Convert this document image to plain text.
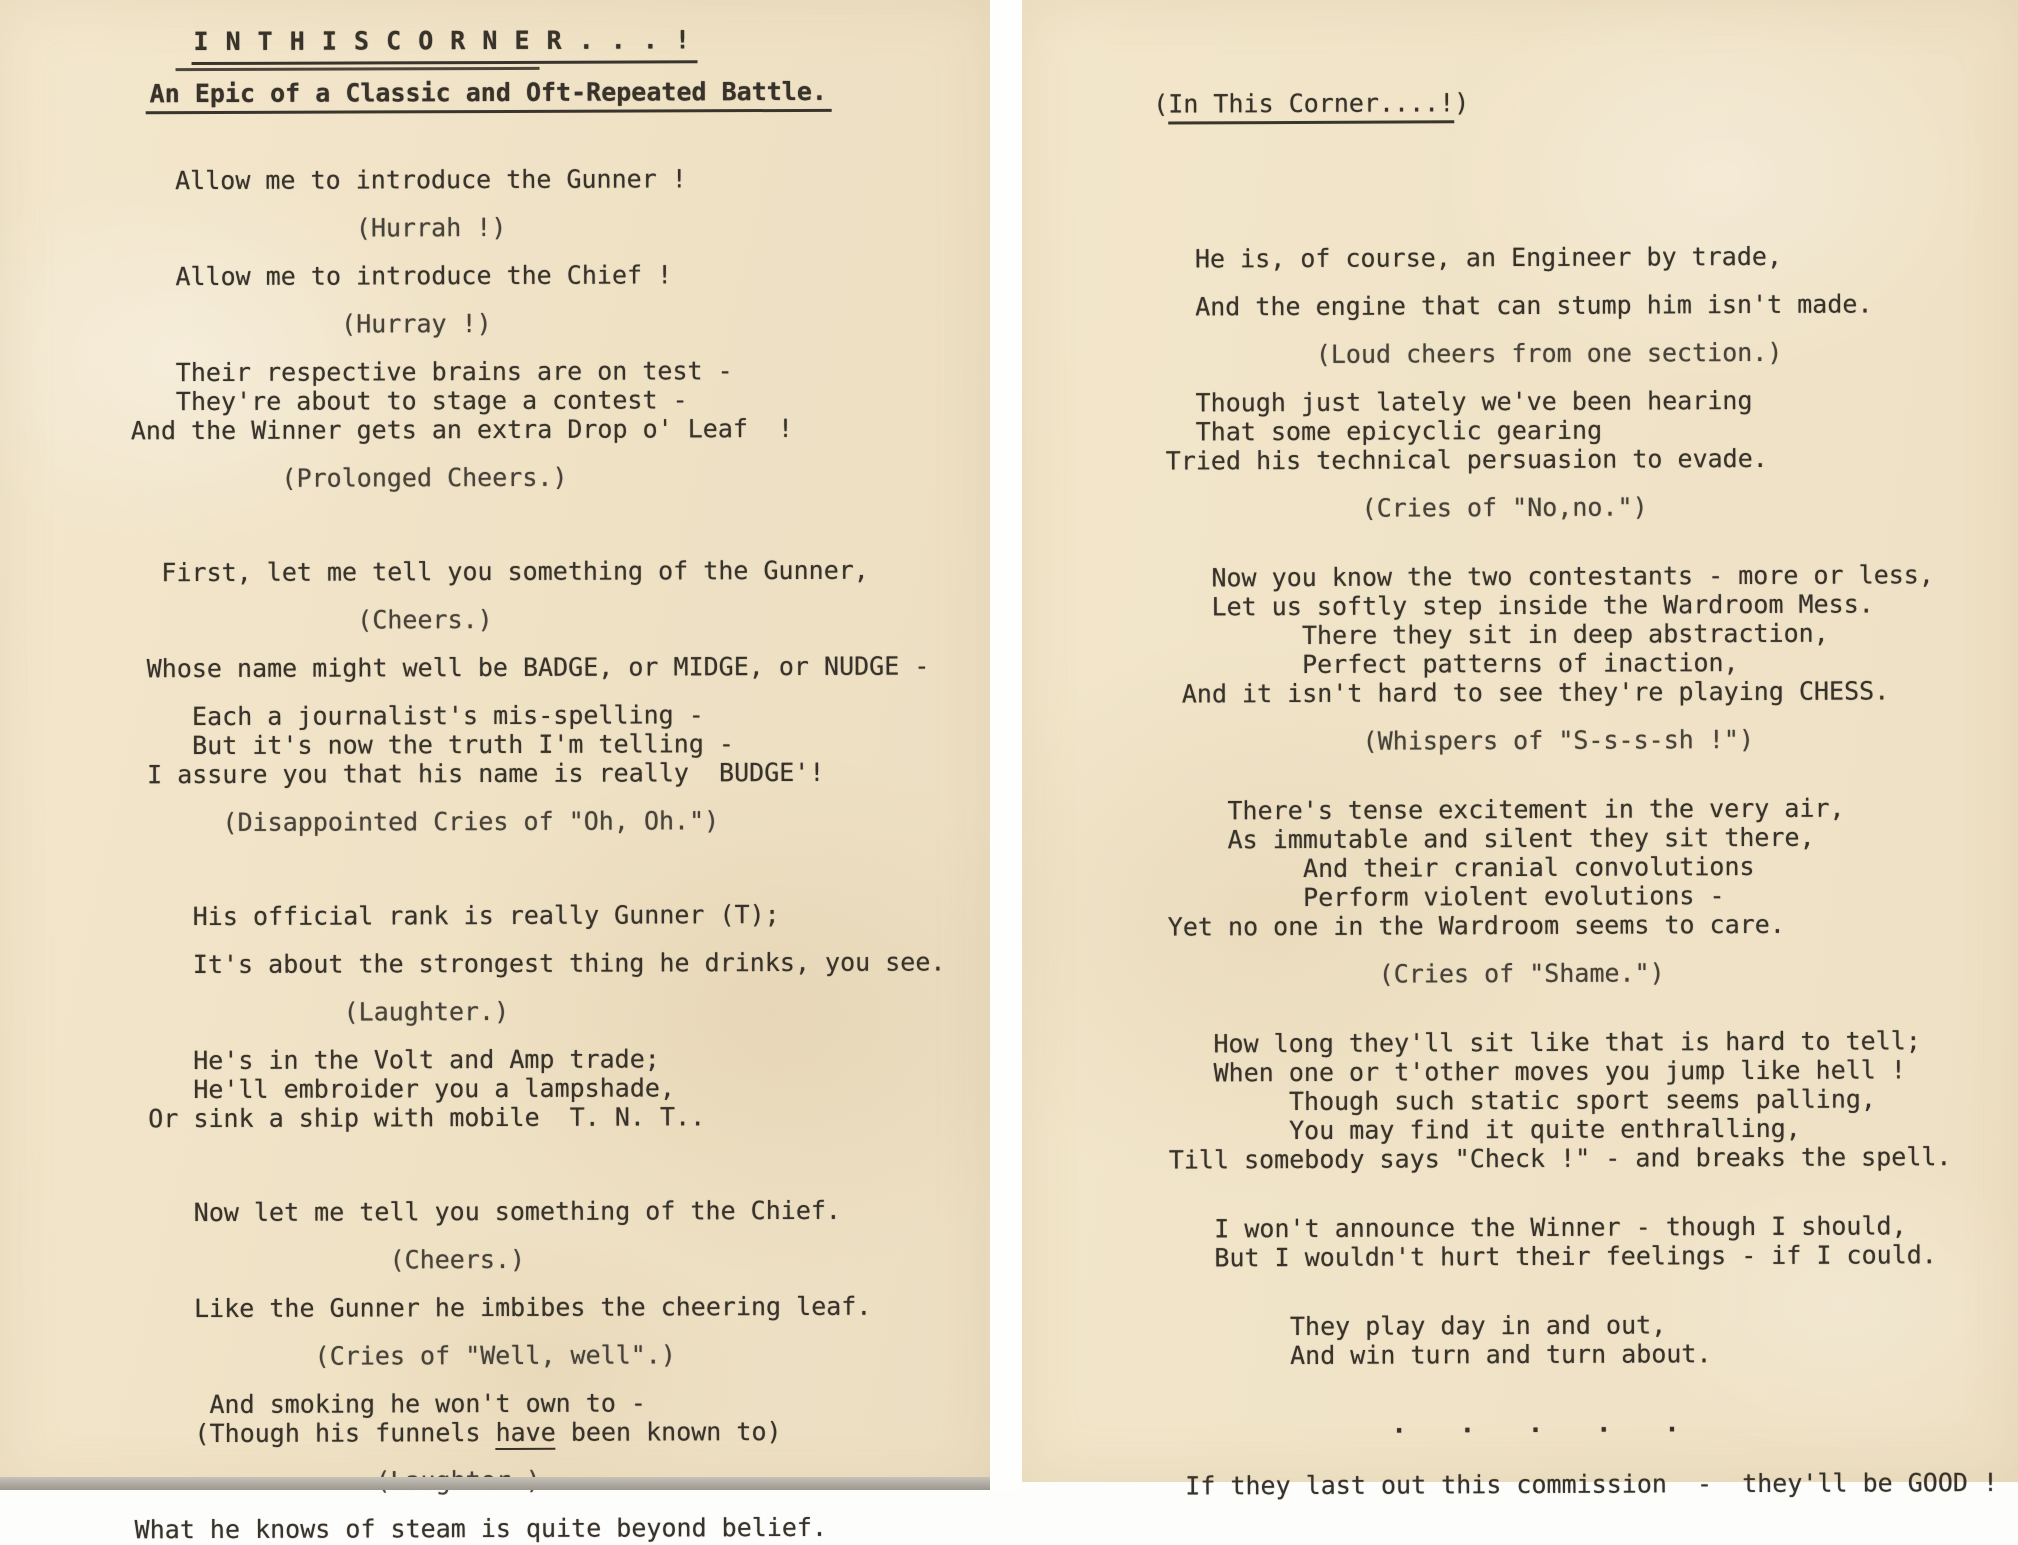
I N T H I S C O R N E R . . . !
An Epic of a Classic and Oft-Repeated Battle.
Allow me to introduce the Gunner !
(Hurrah !)
Allow me to introduce the Chief !
(Hurray !)
Their respective brains are on test -
They're about to stage a contest -
And the Winner gets an extra Drop o' Leaf  !
(Prolonged Cheers.)
First, let me tell you something of the Gunner,
(Cheers.)
Whose name might well be BADGE, or MIDGE, or NUDGE -
Each a journalist's mis-spelling -
But it's now the truth I'm telling -
I assure you that his name is really  BUDGE'!
(Disappointed Cries of "Oh, Oh.")
His official rank is really Gunner (T);
It's about the strongest thing he drinks, you see.
(Laughter.)
He's in the Volt and Amp trade;
He'll embroider you a lampshade,
Or sink a ship with mobile  T. N. T..
Now let me tell you something of the Chief.
(Cheers.)
Like the Gunner he imbibes the cheering leaf.
(Cries of "Well, well".)
And smoking he won't own to -
(Though his funnels have been known to)
What he knows of steam is quite beyond belief.
(In This Corner....!)
He is, of course, an Engineer by trade,
And the engine that can stump him isn't made.
(Loud cheers from one section.)
Though just lately we've been hearing
That some epicyclic gearing
Tried his technical persuasion to evade.
(Cries of "No,no.")
Now you know the two contestants - more or less,
Let us softly step inside the Wardroom Mess.
There they sit in deep abstraction,
Perfect patterns of inaction,
And it isn't hard to see they're playing CHESS.
(Whispers of "S-s-s-sh !")
There's tense excitement in the very air,
As immutable and silent they sit there,
And their cranial convolutions
Perform violent evolutions -
Yet no one in the Wardroom seems to care.
(Cries of "Shame.")
How long they'll sit like that is hard to tell;
When one or t'other moves you jump like hell !
Though such static sport seems palling,
You may find it quite enthralling,
Till somebody says "Check !" - and breaks the spell.
I won't announce the Winner - though I should,
But I wouldn't hurt their feelings - if I could.
They play day in and out,
And win turn and turn about.
.   .   .   .   .
If they last out this commission  -  they'll be GOOD !
